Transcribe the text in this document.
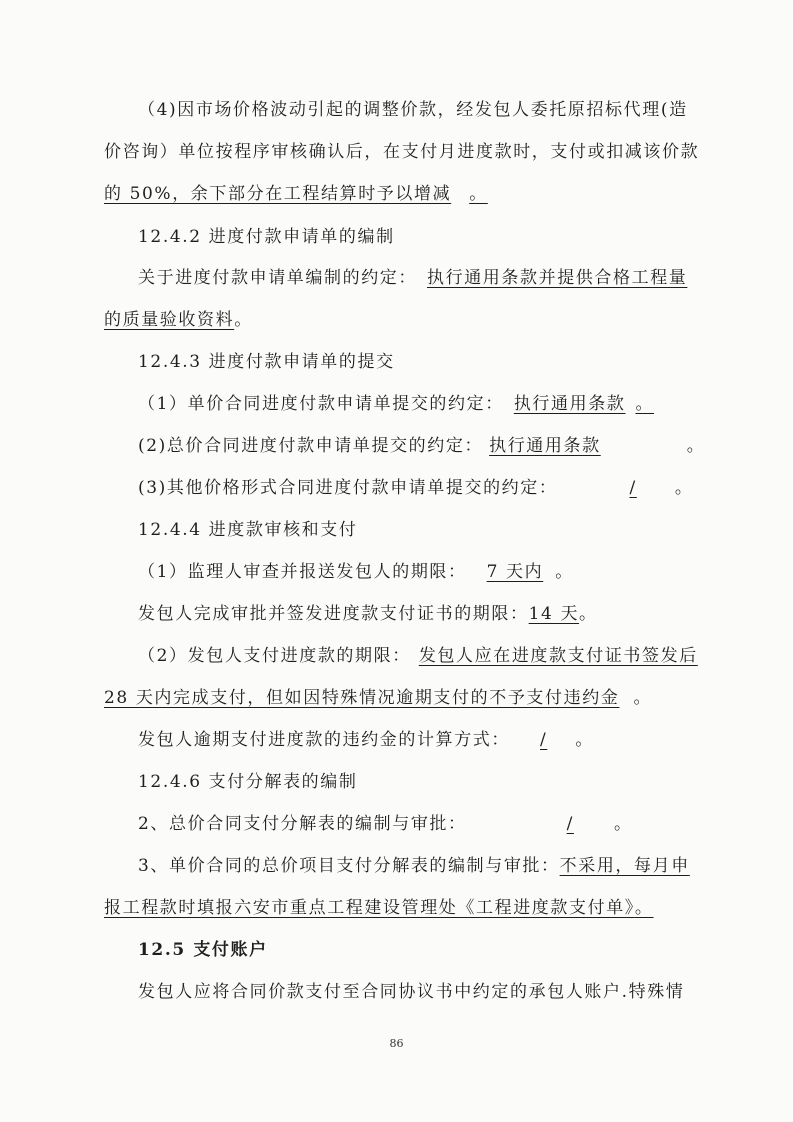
（4)因市场价格波动引起的调整价款，经发包人委托原招标代理(造
价咨询）单位按程序审核确认后，在支付月进度款时，支付或扣减该价款
的 50%，余下部分在工程结算时予以增减 。
12.4.2 进度付款申请单的编制
关于进度付款申请单编制的约定： 执行通用条款并提供合格工程量
的质量验收资料。
12.4.3 进度付款申请单的提交
（1）单价合同进度付款申请单提交的约定： 执行通用条款 。
(2)总价合同进度付款申请单提交的约定： 执行通用条款	。
(3)其他价格形式合同进度付款申请单提交的约定：	/ 。
12.4.4 进度款审核和支付
（1）监理人审查并报送发包人的期限： 7 天内 。
发包人完成审批并签发进度款支付证书的期限：14 天。
（2）发包人支付进度款的期限： 发包人应在进度款支付证书签发后
28 天内完成支付，但如因特殊情况逾期支付的不予支付违约金 。
发包人逾期支付进度款的违约金的计算方式： / 。
12.4.6 支付分解表的编制
2、总价合同支付分解表的编制与审批：	/ 。
3、单价合同的总价项目支付分解表的编制与审批：不采用，每月申
报工程款时填报六安市重点工程建设管理处《工程进度款支付单》。
12.5 支付账户
发包人应将合同价款支付至合同协议书中约定的承包人账户.特殊情
86
